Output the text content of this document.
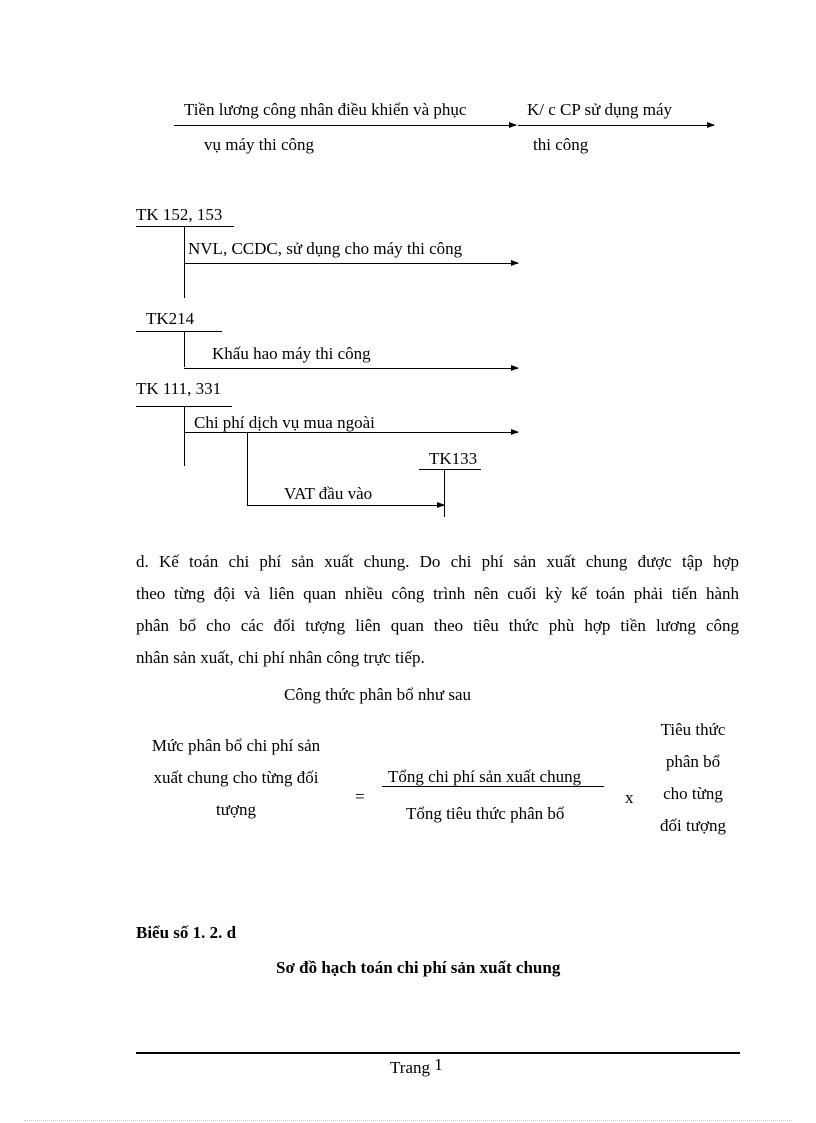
Tiền lương công nhân điều khiển và phục
vụ máy thi công
K/ c CP sử dụng máy
thi công
TK 152, 153
NVL, CCDC, sử dụng cho máy thi công
TK214
Khấu hao máy thi công
TK 111, 331
Chi phí dịch vụ mua ngoài
TK133
VAT đầu vào
d. Kế toán chi phí sản xuất chung. Do chi phí sản xuất chung được tập hợp
theo từng đội và liên quan nhiều công trình nên cuối kỳ kế toán phải tiến hành
phân bổ cho các đối tượng liên quan theo tiêu thức phù hợp tiền lương công
nhân sản xuất, chi phí nhân công trực tiếp.
Công thức phân bổ như sau
Mức phân bổ chi phí sản
xuất chung cho từng đối
tượng
=
Tổng chi phí sản xuất chung
Tổng tiêu thức phân bổ
x
Tiêu thức
phân bổ
cho từng
đối tượng
Biểu số 1. 2. d
Sơ đồ hạch toán chi phí sản xuất chung
Trang 1
